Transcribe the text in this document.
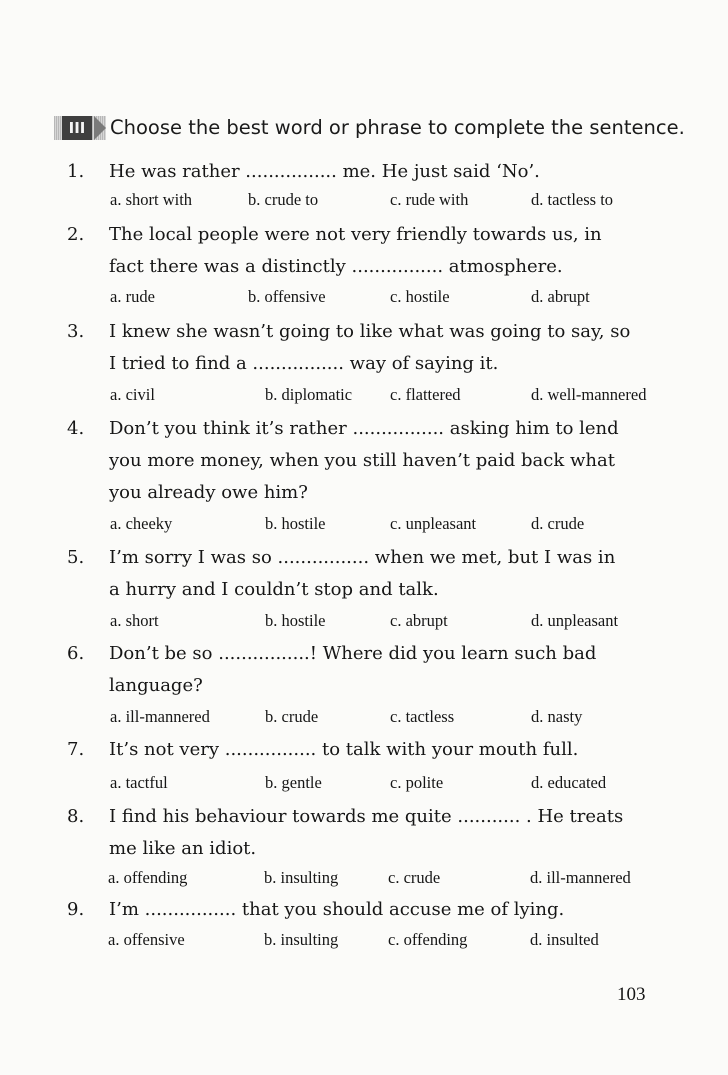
III	Choose the best word or phrase to complete the sentence.
1. He was rather ................ me. He just said ‘No’.
a. short with	b. crude to	c. rude with	d. tactless to
2. The local people were not very friendly towards us, in
fact there was a distinctly ................ atmosphere.
a. rude	b. offensive	c. hostile	d. abrupt
3. I knew she wasn’t going to like what was going to say, so
I tried to find a ................ way of saying it.
a. civil	b. diplomatic c. flattered	d. well-mannered
4. Don’t you think it’s rather ................ asking him to lend
you more money, when you still haven’t paid back what
you already owe him?
a. cheeky	b. hostile	c. unpleasant	d. crude
5. I’m sorry I was so ................ when we met, but I was in
a hurry and I couldn’t stop and talk.
a. short	b. hostile	c. abrupt	d. unpleasant
6. Don’t be so ................! Where did you learn such bad
language?
a. ill-mannered	b. crude	c. tactless	d. nasty
7. It’s not very ................ to talk with your mouth full.
a. tactful	b. gentle	c. polite	d. educated
8. I find his behaviour towards me quite ........... . He treats
me like an idiot.
a. offending	b. insulting	c. crude	d. ill-mannered
9. I’m ................ that you should accuse me of lying.
a. offensive	b. insulting	c. offending	d. insulted
103
